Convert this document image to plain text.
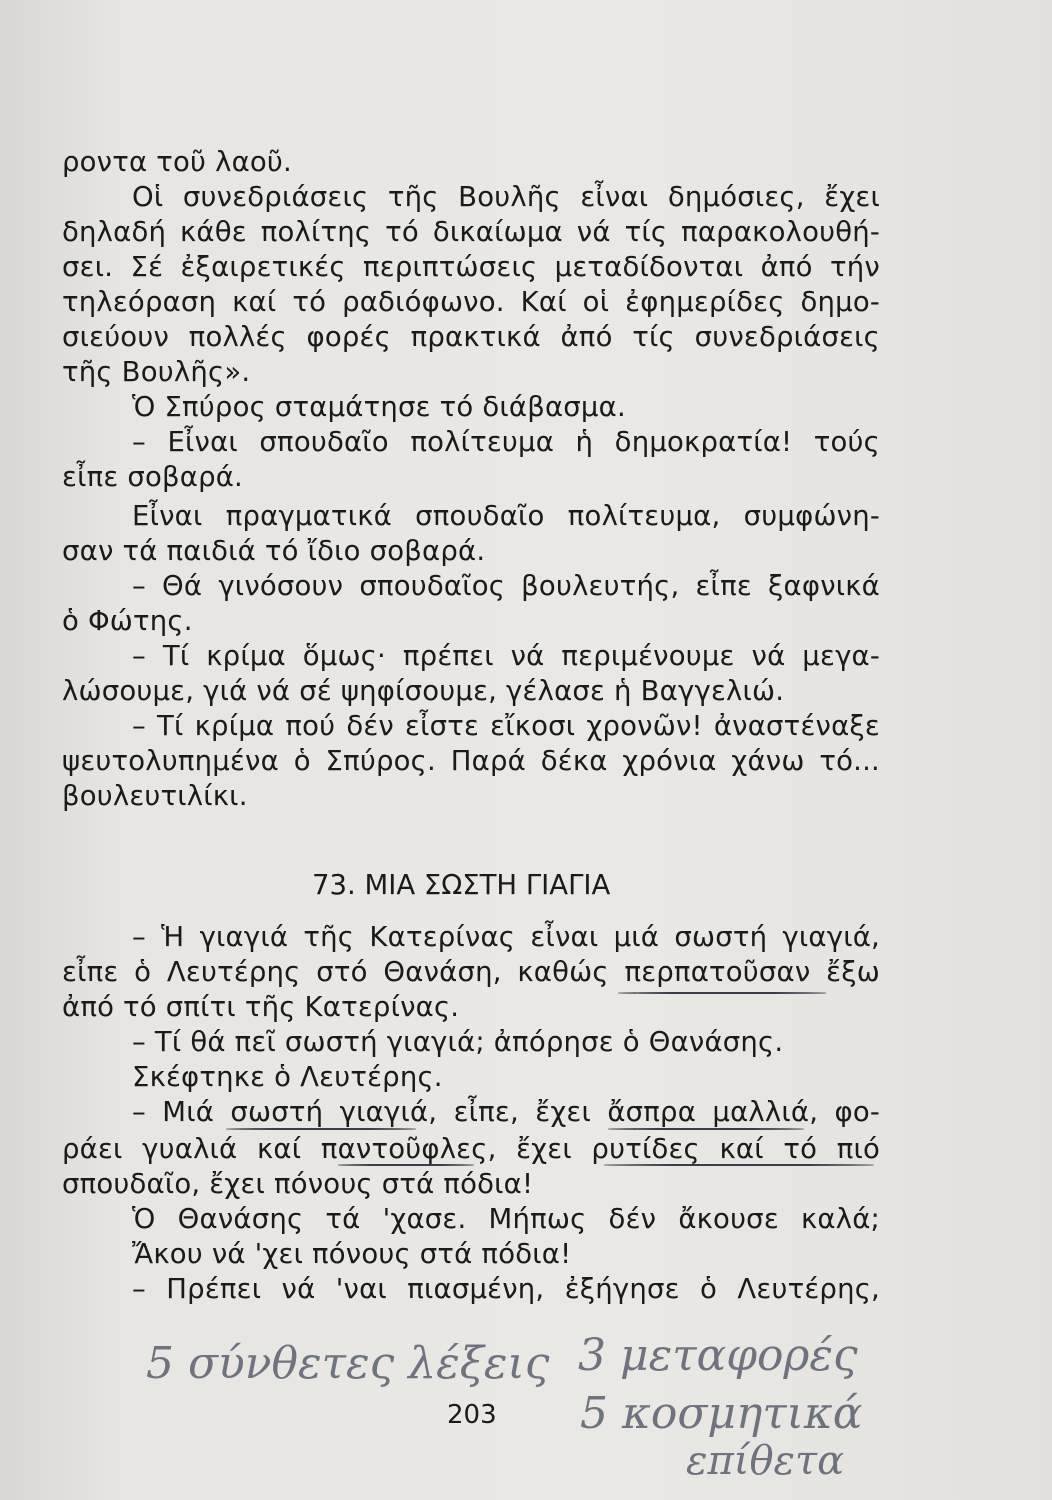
ροντα τοῦ λαοῦ.
Οἱ συνεδριάσεις τῆς Βουλῆς εἶναι δημόσιες, ἔχει
δηλαδή κάθε πολίτης τό δικαίωμα νά τίς παρακολουθή-
σει. Σέ ἐξαιρετικές περιπτώσεις μεταδίδονται ἀπό τήν
τηλεόραση καί τό ραδιόφωνο. Καί οἱ ἐφημερίδες δημο-
σιεύουν πολλές φορές πρακτικά ἀπό τίς συνεδριάσεις
τῆς Βουλῆς».
Ὁ Σπύρος σταμάτησε τό διάβασμα.
– Εἶναι σπουδαῖο πολίτευμα ἡ δημοκρατία! τούς
εἶπε σοβαρά.
Εἶναι πραγματικά σπουδαῖο πολίτευμα, συμφώνη-
σαν τά παιδιά τό ἴδιο σοβαρά.
– Θά γινόσουν σπουδαῖος βουλευτής, εἶπε ξαφνικά
ὁ Φώτης.
– Τί κρίμα ὅμως· πρέπει νά περιμένουμε νά μεγα-
λώσουμε, γιά νά σέ ψηφίσουμε, γέλασε ἡ Βαγγελιώ.
– Τί κρίμα πού δέν εἶστε εἴκοσι χρονῶν! ἀναστέναξε
ψευτολυπημένα ὁ Σπύρος. Παρά δέκα χρόνια χάνω τό...
βουλευτιλίκι.
73. ΜΙΑ ΣΩΣΤΗ ΓΙΑΓΙΑ
– Ἡ γιαγιά τῆς Κατερίνας εἶναι μιά σωστή γιαγιά,
εἶπε ὁ Λευτέρης στό Θανάση, καθώς περπατοῦσαν ἔξω
ἀπό τό σπίτι τῆς Κατερίνας.
– Τί θά πεῖ σωστή γιαγιά; ἀπόρησε ὁ Θανάσης.
Σκέφτηκε ὁ Λευτέρης.
– Μιά σωστή γιαγιά, εἶπε, ἔχει ἄσπρα μαλλιά, φο-
ράει γυαλιά καί παντοῦφλες, ἔχει ρυτίδες καί τό πιό
σπουδαῖο, ἔχει πόνους στά πόδια!
Ὁ Θανάσης τά 'χασε. Μήπως δέν ἄκουσε καλά;
Ἄκου νά 'χει πόνους στά πόδια!
– Πρέπει νά 'ναι πιασμένη, ἐξήγησε ὁ Λευτέρης,
5 σύνθετες λέξεις 3 μεταφορές
5 κοσμητικά
επίθετα
203
